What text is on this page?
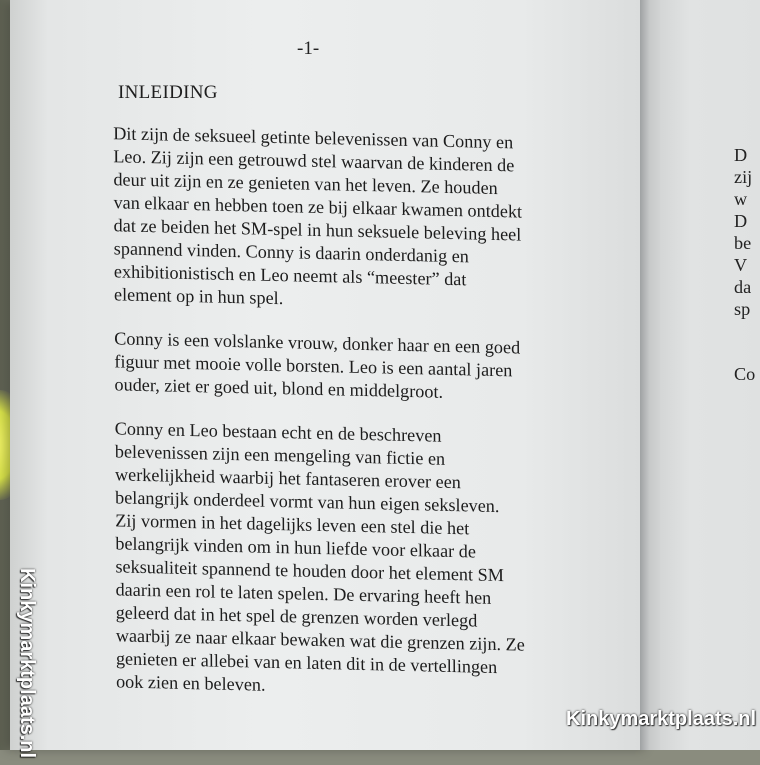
-1-
INLEIDING
Dit zijn de seksueel getinte belevenissen van Conny en
Leo. Zij zijn een getrouwd stel waarvan de kinderen de
deur uit zijn en ze genieten van het leven. Ze houden
van elkaar en hebben toen ze bij elkaar kwamen ontdekt
dat ze beiden het SM-spel in hun seksuele beleving heel
spannend vinden. Conny is daarin onderdanig en
exhibitionistisch en Leo neemt als “meester” dat
element op in hun spel.
Conny is een volslanke vrouw, donker haar en een goed
figuur met mooie volle borsten. Leo is een aantal jaren
ouder, ziet er goed uit, blond en middelgroot.
Conny en Leo bestaan echt en de beschreven
belevenissen zijn een mengeling van fictie en
werkelijkheid waarbij het fantaseren erover een
belangrijk onderdeel vormt van hun eigen seksleven.
Zij vormen in het dagelijks leven een stel die het
belangrijk vinden om in hun liefde voor elkaar de
seksualiteit spannend te houden door het element SM
daarin een rol te laten spelen. De ervaring heeft hen
geleerd dat in het spel de grenzen worden verlegd
waarbij ze naar elkaar bewaken wat die grenzen zijn. Ze
genieten er allebei van en laten dit in de vertellingen
ook zien en beleven.
D
zij
w
D
be
V
da
sp
Co
Kinkymarktplaats.nl	Kinkymarktplaats.nl
